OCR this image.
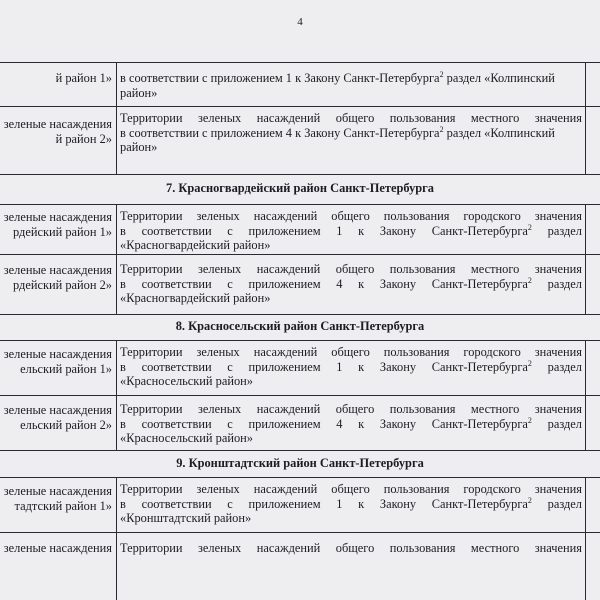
4
й район 1» в соответствии с приложением 1 к Закону Санкт-Петербурга$^2$ раздел «Колпинский
район»
зеленые насаждения
й район 2»
Территории зеленых насаждений общего пользования местного значения
в соответствии с приложением 4 к Закону Санкт-Петербурга$^2$ раздел «Колпинский
район»
7. Красногвардейский район Санкт-Петербурга
зеленые насаждения
рдейский район 1»
Территории зеленых насаждений общего пользования городского значения
в соответствии с приложением 1 к Закону Санкт-Петербурга$^2$ раздел
«Красногвардейский район»
зеленые насаждения
рдейский район 2»
Территории зеленых насаждений общего пользования местного значения
в соответствии с приложением 4 к Закону Санкт-Петербурга$^2$ раздел
«Красногвардейский район»
8. Красносельский район Санкт-Петербурга
зеленые насаждения
ельский район 1»
Территории зеленых насаждений общего пользования городского значения
в соответствии с приложением 1 к Закону Санкт-Петербурга$^2$ раздел
«Красносельский район»
зеленые насаждения
ельский район 2»
Территории зеленых насаждений общего пользования местного значения
в соответствии с приложением 4 к Закону Санкт-Петербурга$^2$ раздел
«Красносельский район»
9. Кронштадтский район Санкт-Петербурга
зеленые насаждения
тадтский район 1»
Территории зеленых насаждений общего пользования городского значения
в соответствии с приложением 1 к Закону Санкт-Петербурга$^2$ раздел
«Кронштадтский район»
зеленые насаждения Территории зеленых насаждений общего пользования местного значения
